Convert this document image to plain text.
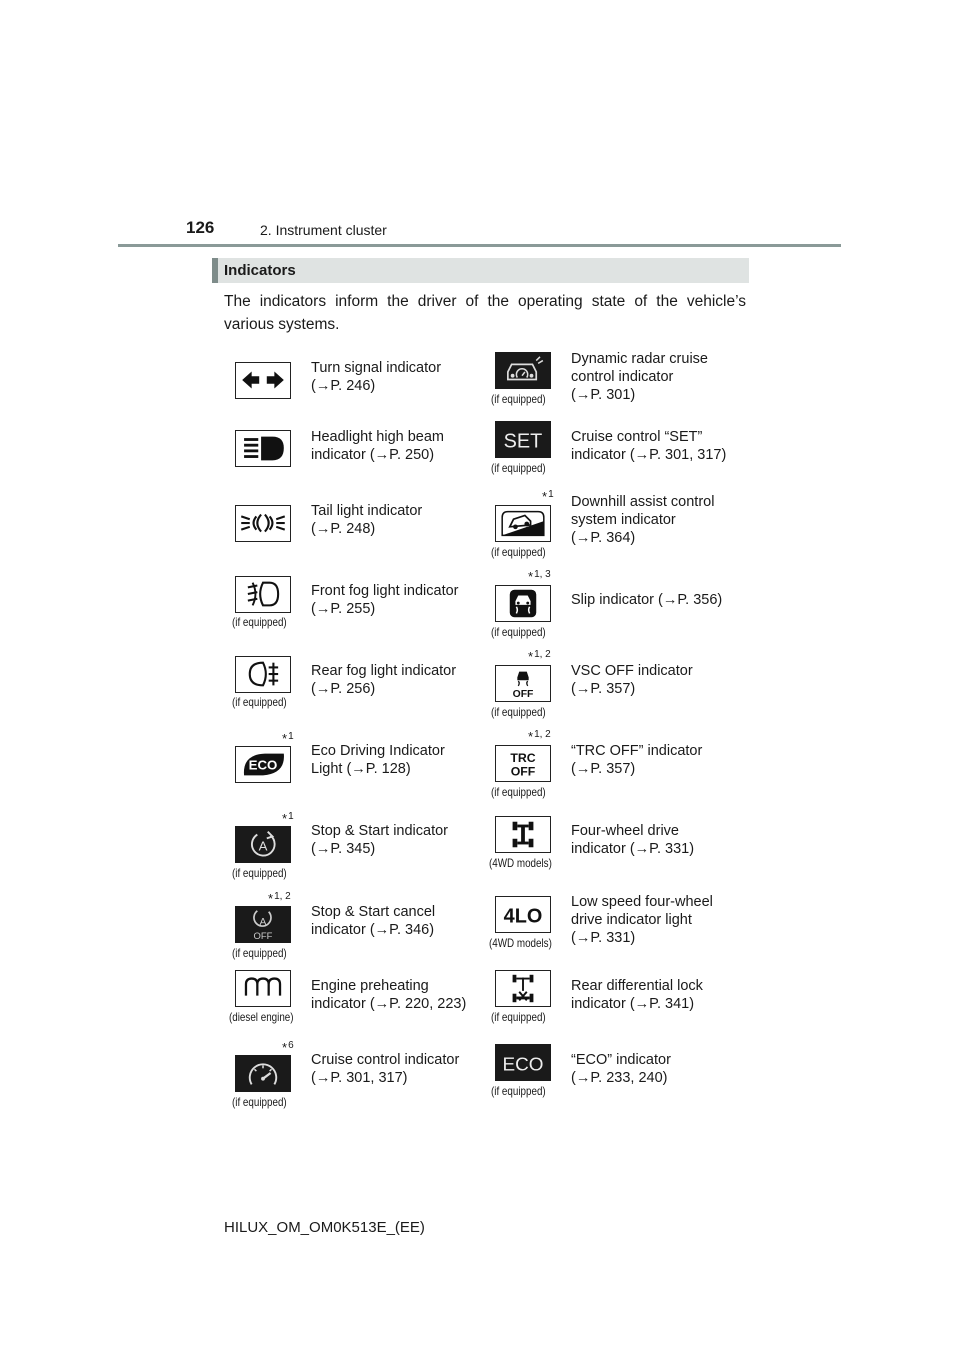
126	2. Instrument cluster
Indicators
The indicators inform the driver of the operating state of the vehicle’s various systems.
Turn signal indicator
(→P. 246)
Headlight high beam
indicator (→P. 250)
Tail light indicator
(→P. 248)
(if equipped)
Front fog light indicator
(→P. 255)
(if equipped)
Rear fog light indicator
(→P. 256)
*$^1$
ECO
Eco Driving Indicator
Light (→P. 128)
*$^1$
A
(if equipped)
Stop & Start indicator
(→P. 345)
*$^{1, 2}$
A
OFF
(if equipped)
Stop & Start cancel
indicator (→P. 346)
(diesel engine)
Engine preheating
indicator (→P. 220, 223)
*$^6$
(if equipped)
Cruise control indicator
(→P. 301, 317)
(if equipped)
Dynamic radar cruise
control indicator
(→P. 301)
SET
(if equipped)
Cruise control “SET”
indicator (→P. 301, 317)
*$^1$
(if equipped)
Downhill assist control
system indicator
(→P. 364)
*$^{1, 3}$
(if equipped)
Slip indicator (→P. 356)
*$^{1, 2}$
OFF
(if equipped)
VSC OFF indicator
(→P. 357)
*$^{1, 2}$
TRC
OFF
(if equipped)
“TRC OFF” indicator
(→P. 357)
(4WD models)
Four-wheel drive
indicator (→P. 331)
4LO
(4WD models)
Low speed four-wheel
drive indicator light
(→P. 331)
(if equipped)
Rear differential lock
indicator (→P. 341)
ECO
(if equipped)
“ECO” indicator
(→P. 233, 240)
HILUX_OM_OM0K513E_(EE)
